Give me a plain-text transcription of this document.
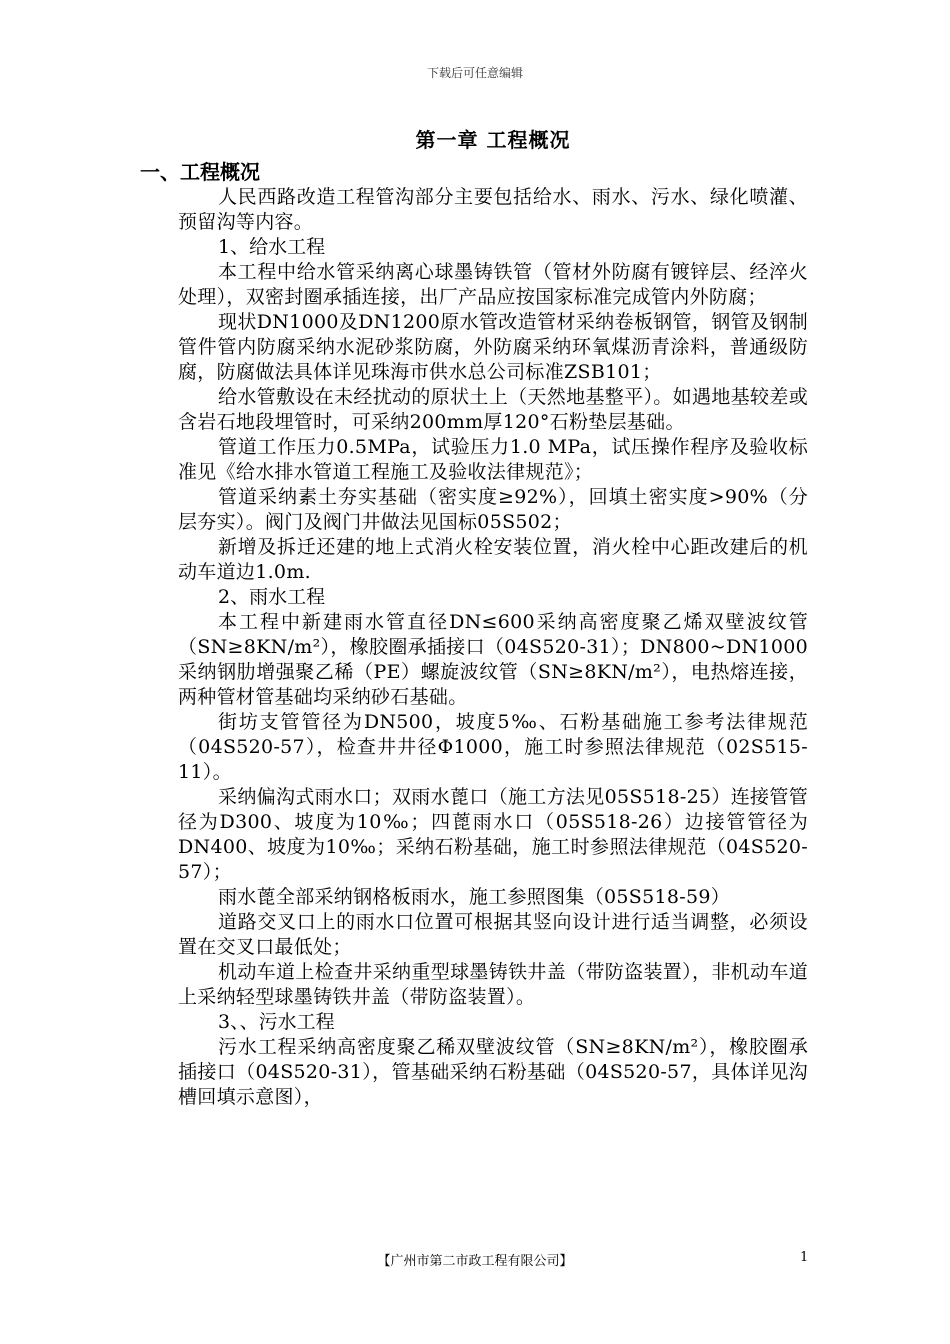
下载后可任意编辑
第一章 工程概况
一、工程概况

人民西路改造工程管沟部分主要包括给水、雨水、污水、绿化喷灌、预留沟等内容。

1、给水工程

本工程中给水管采纳离心球墨铸铁管（管材外防腐有镀锌层、经淬火处理），双密封圈承插连接，出厂产品应按国家标准完成管内外防腐；

现状DN1000及DN1200原水管改造管材采纳卷板钢管，钢管及钢制管件管内防腐采纳水泥砂浆防腐，外防腐采纳环氧煤沥青涂料，普通级防腐，防腐做法具体详见珠海市供水总公司标准ZSB101；

给水管敷设在未经扰动的原状土上（天然地基整平）。如遇地基较差或含岩石地段埋管时，可采纳200mm厚120°石粉垫层基础。

管道工作压力0.5MPa，试验压力1.0 MPa，试压操作程序及验收标准见《给水排水管道工程施工及验收法律规范》；

管道采纳素土夯实基础（密实度≥92%），回填土密实度>90%（分层夯实）。阀门及阀门井做法见国标05S502；

新增及拆迁还建的地上式消火栓安装位置，消火栓中心距改建后的机动车道边1.0m.

2、雨水工程

本工程中新建雨水管直径DN≤600采纳高密度聚乙烯双壁波纹管（SN≥8KN/m²），橡胶圈承插接口（04S520-31）；DN800~DN1000采纳钢肋增强聚乙稀（PE）螺旋波纹管（SN≥8KN/m²），电热熔连接，两种管材管基础均采纳砂石基础。

街坊支管管径为DN500，坡度5‰、石粉基础施工参考法律规范（04S520-57），检查井井径Φ1000，施工时参照法律规范（02S515-11）。

采纳偏沟式雨水口；双雨水蓖口（施工方法见05S518-25）连接管管径为D300、坡度为10‰；四蓖雨水口（05S518-26）边接管管径为DN400、坡度为10‰；采纳石粉基础，施工时参照法律规范（04S520-57）；

雨水蓖全部采纳钢格板雨水，施工参照图集（05S518-59）

道路交叉口上的雨水口位置可根据其竖向设计进行适当调整，必须设置在交叉口最低处；

机动车道上检查井采纳重型球墨铸铁井盖（带防盗装置），非机动车道上采纳轻型球墨铸铁井盖（带防盗装置）。

3、、污水工程

污水工程采纳高密度聚乙稀双壁波纹管（SN≥8KN/m²），橡胶圈承插接口（04S520-31），管基础采纳石粉基础（04S520-57，具体详见沟槽回填示意图），

【广州市第二市政工程有限公司】	1
